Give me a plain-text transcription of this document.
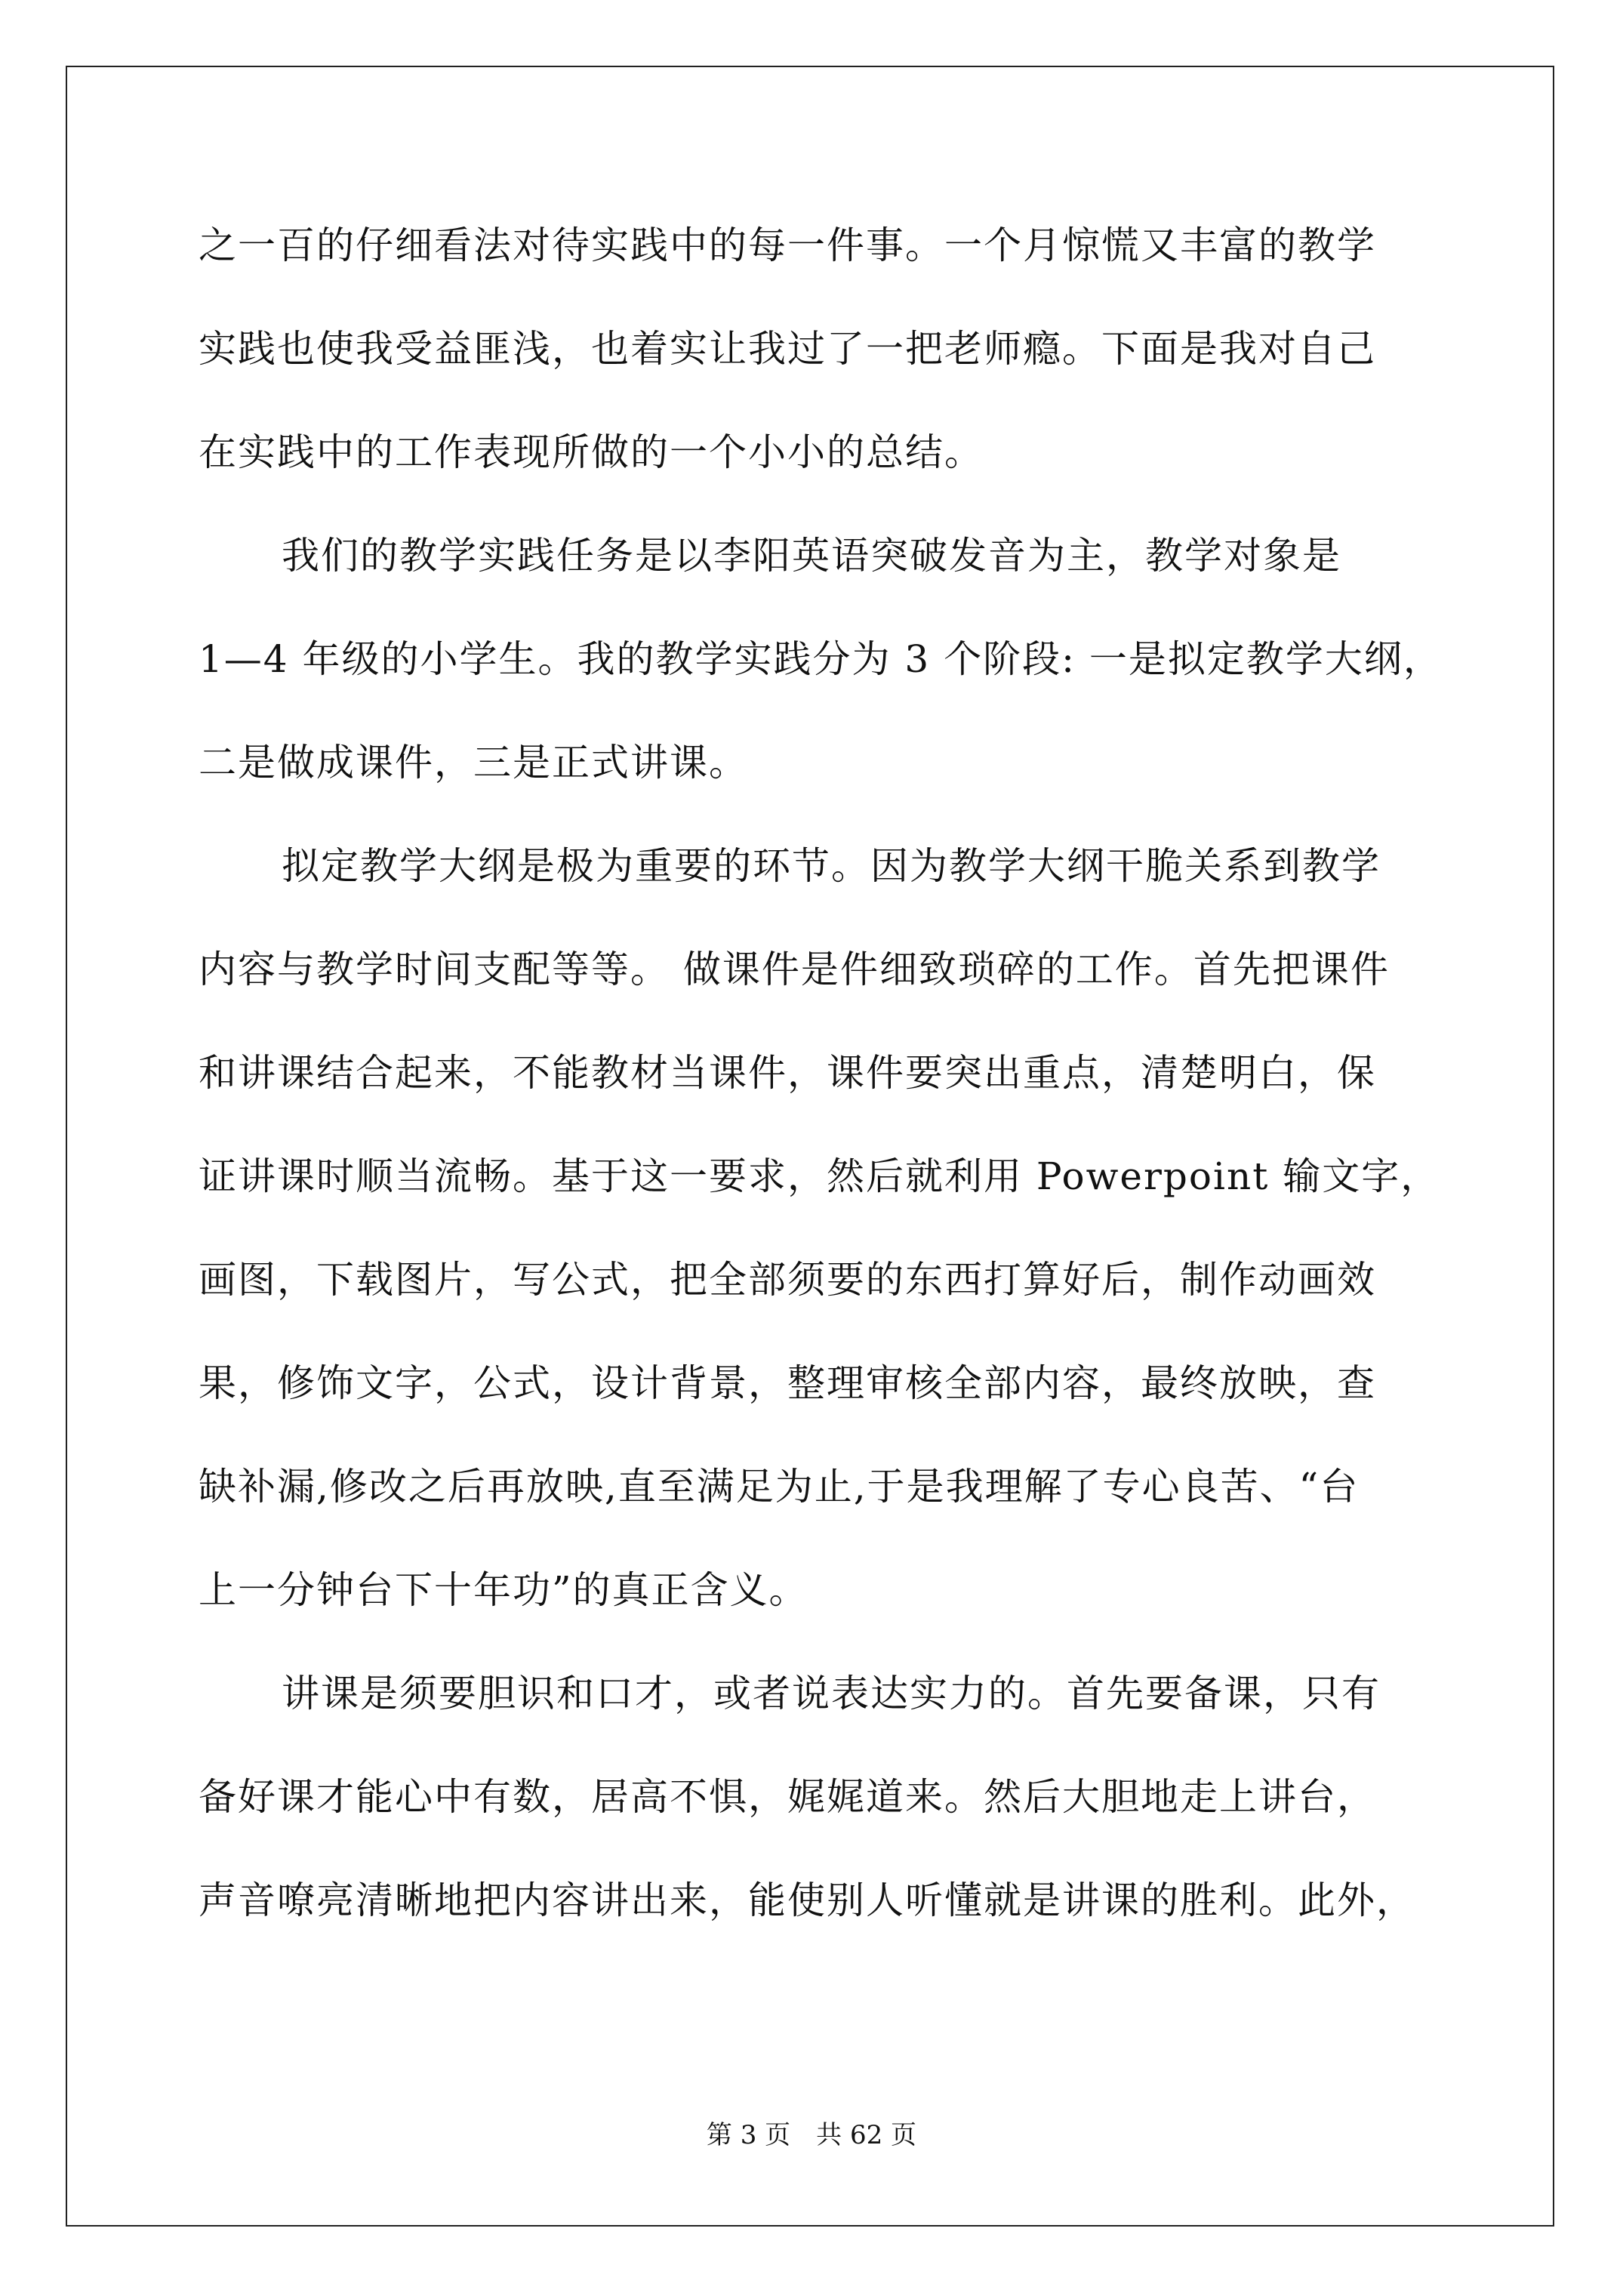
之一百的仔细看法对待实践中的每一件事。一个月惊慌又丰富的教学
实践也使我受益匪浅，也着实让我过了一把老师瘾。下面是我对自己
在实践中的工作表现所做的一个小小的总结。
我们的教学实践任务是以李阳英语突破发音为主，教学对象是
1—4 年级的小学生。我的教学实践分为 3 个阶段: 一是拟定教学大纲，
二是做成课件，三是正式讲课。
拟定教学大纲是极为重要的环节。因为教学大纲干脆关系到教学
内容与教学时间支配等等。 做课件是件细致琐碎的工作。首先把课件
和讲课结合起来，不能教材当课件，课件要突出重点，清楚明白，保
证讲课时顺当流畅。基于这一要求，然后就利用 Powerpoint 输文字，
画图，下载图片，写公式，把全部须要的东西打算好后，制作动画效
果，修饰文字，公式，设计背景，整理审核全部内容，最终放映，查
缺补漏,修改之后再放映,直至满足为止,于是我理解了专心良苦、“台
上一分钟台下十年功”的真正含义。
讲课是须要胆识和口才，或者说表达实力的。首先要备课，只有
备好课才能心中有数，居高不惧，娓娓道来。然后大胆地走上讲台，
声音嘹亮清晰地把内容讲出来，能使别人听懂就是讲课的胜利。此外，
第 3 页　共 62 页
